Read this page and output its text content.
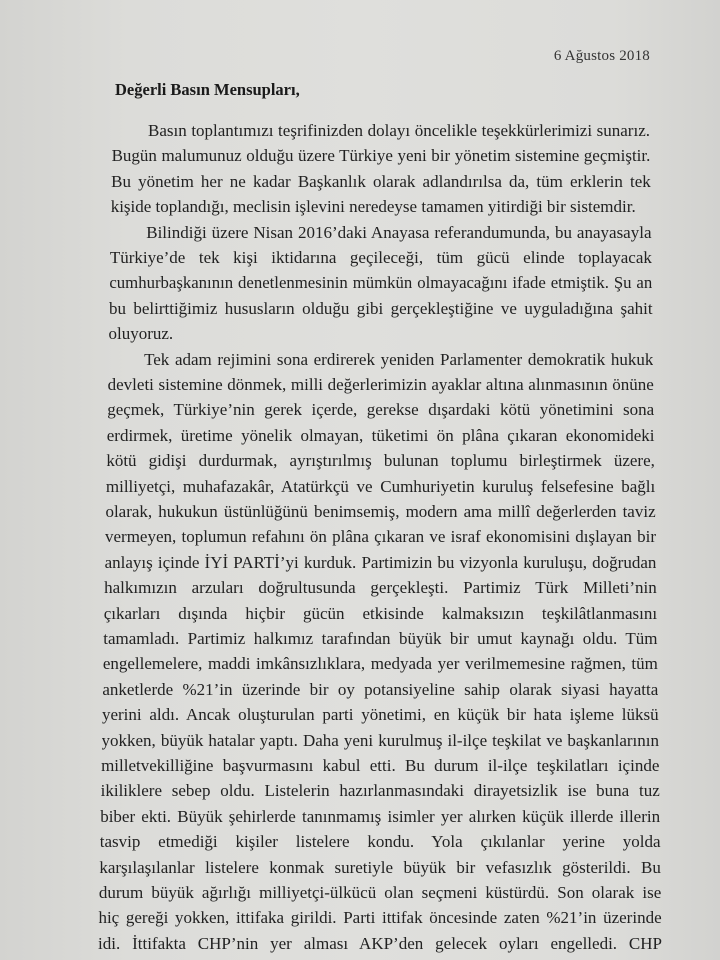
6 Ağustos 2018
Değerli Basın Mensupları,
Basın toplantımızı teşrifinizden dolayı öncelikle teşekkürlerimizi sunarız.
Bugün malumunuz olduğu üzere Türkiye yeni bir yönetim sistemine geçmiştir.
Bu yönetim her ne kadar Başkanlık olarak adlandırılsa da, tüm erklerin tek
kişide toplandığı, meclisin işlevini neredeyse tamamen yitirdiği bir sistemdir.
Bilindiği üzere Nisan 2016’daki Anayasa referandumunda, bu anayasayla
Türkiye’de tek kişi iktidarına geçileceği, tüm gücü elinde toplayacak
cumhurbaşkanının denetlenmesinin mümkün olmayacağını ifade etmiştik. Şu an
bu belirttiğimiz hususların olduğu gibi gerçekleştiğine ve uyguladığına şahit
oluyoruz.
Tek adam rejimini sona erdirerek yeniden Parlamenter demokratik hukuk
devleti sistemine dönmek, milli değerlerimizin ayaklar altına alınmasının önüne
geçmek, Türkiye’nin gerek içerde, gerekse dışardaki kötü yönetimini sona
erdirmek, üretime yönelik olmayan, tüketimi ön plâna çıkaran ekonomideki
kötü gidişi durdurmak, ayrıştırılmış bulunan toplumu birleştirmek üzere,
milliyetçi, muhafazakâr, Atatürkçü ve Cumhuriyetin kuruluş felsefesine bağlı
olarak, hukukun üstünlüğünü benimsemiş, modern ama millî değerlerden taviz
vermeyen, toplumun refahını ön plâna çıkaran ve israf ekonomisini dışlayan bir
anlayış içinde İYİ PARTİ’yi kurduk. Partimizin bu vizyonla kuruluşu, doğrudan
halkımızın arzuları doğrultusunda gerçekleşti. Partimiz Türk Milleti’nin
çıkarları dışında hiçbir gücün etkisinde kalmaksızın teşkilâtlanmasını
tamamladı. Partimiz halkımız tarafından büyük bir umut kaynağı oldu. Tüm
engellemelere, maddi imkânsızlıklara, medyada yer verilmemesine rağmen, tüm
anketlerde %21’in üzerinde bir oy potansiyeline sahip olarak siyasi hayatta
yerini aldı. Ancak oluşturulan parti yönetimi, en küçük bir hata işleme lüksü
yokken, büyük hatalar yaptı. Daha yeni kurulmuş il-ilçe teşkilat ve başkanlarının
milletvekilliğine başvurmasını kabul etti. Bu durum il-ilçe teşkilatları içinde
ikiliklere sebep oldu. Listelerin hazırlanmasındaki dirayetsizlik ise buna tuz
biber ekti. Büyük şehirlerde tanınmamış isimler yer alırken küçük illerde illerin
tasvip etmediği kişiler listelere kondu. Yola çıkılanlar yerine yolda
karşılaşılanlar listelere konmak suretiyle büyük bir vefasızlık gösterildi. Bu
durum büyük ağırlığı milliyetçi-ülkücü olan seçmeni küstürdü. Son olarak ise
hiç gereği yokken, ittifaka girildi. Parti ittifak öncesinde zaten %21’in üzerinde
idi. İttifakta CHP’nin yer alması AKP’den gelecek oyları engelledi. CHP
